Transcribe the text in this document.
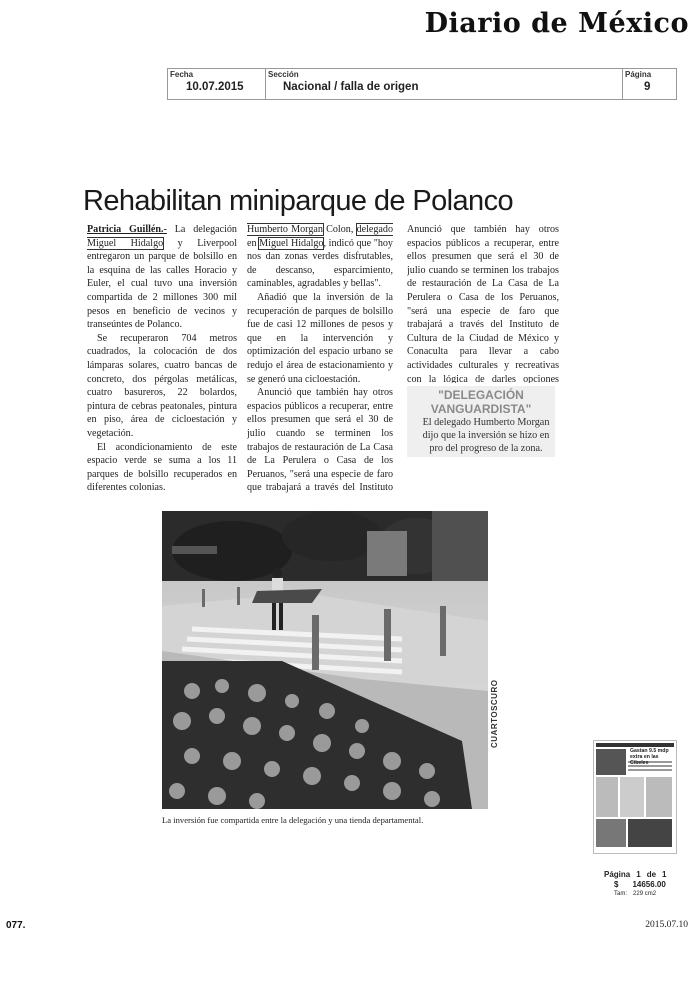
Diario de México
Fecha
10.07.2015
Sección
Nacional / falla de origen
Página
9
Rehabilitan miniparque de Polanco

Patricia Guillén.- La delegación Miguel Hidalgo y Liverpool entregaron un parque de bolsillo en la esquina de las calles Horacio y Euler, el cual tuvo una inversión compartida de 2 millones 300 mil pesos en beneficio de vecinos y transeúntes de Polanco.

Se recuperaron 704 metros cuadrados, la colocación de dos lámparas solares, cuatro bancas de concreto, dos pérgolas metálicas, cuatro basureros, 22 bolardos, pintura de cebras peatonales, pintura en piso, área de cicloestación y vegetación.

El acondicionamiento de este espacio verde se suma a los 11 parques de bolsillo recuperados en diferentes colonias.

Humberto Morgan Colon, delegado en Miguel Hidalgo, indicó que "hoy nos dan zonas verdes disfrutables, de descanso, esparcimiento, caminables, agradables y bellas".

Añadió que la inversión de la recuperación de parques de bolsillo fue de casi 12 millones de pesos y que en la intervención y optimización del espacio urbano se redujo el área de estacionamiento y se generó una cicloestación.

Anunció que también hay otros espacios públicos a recuperar, entre ellos presumen que será el 30 de julio cuando se terminen los trabajos de restauración de La Casa de La Perulera o Casa de los Peruanos, "será una especie de faro que trabajará a través del Instituto

Anunció que también hay otros espacios públicos a recuperar, entre ellos presumen que será el 30 de julio cuando se terminen los trabajos de restauración de La Casa de La Perulera o Casa de los Peruanos, "será una especie de faro que trabajará a través del Instituto de Cultura de la Ciudad de México y Conaculta para llevar a cabo actividades culturales y recreativas con la lógica de darles opciones

"DELEGACIÓN
VANGUARDISTA"
El delegado Humberto Morgan dijo que la inversión se hizo en pro del progreso de la zona.
CUARTOSCURO
La inversión fue compartida entre la delegación y una tienda departamental.
Gastan 9.5 mdp
extra en las Cibeles
Página 1 de 1
$ 14656.00
Tam: 229 cm2
077.	2015.07.10
